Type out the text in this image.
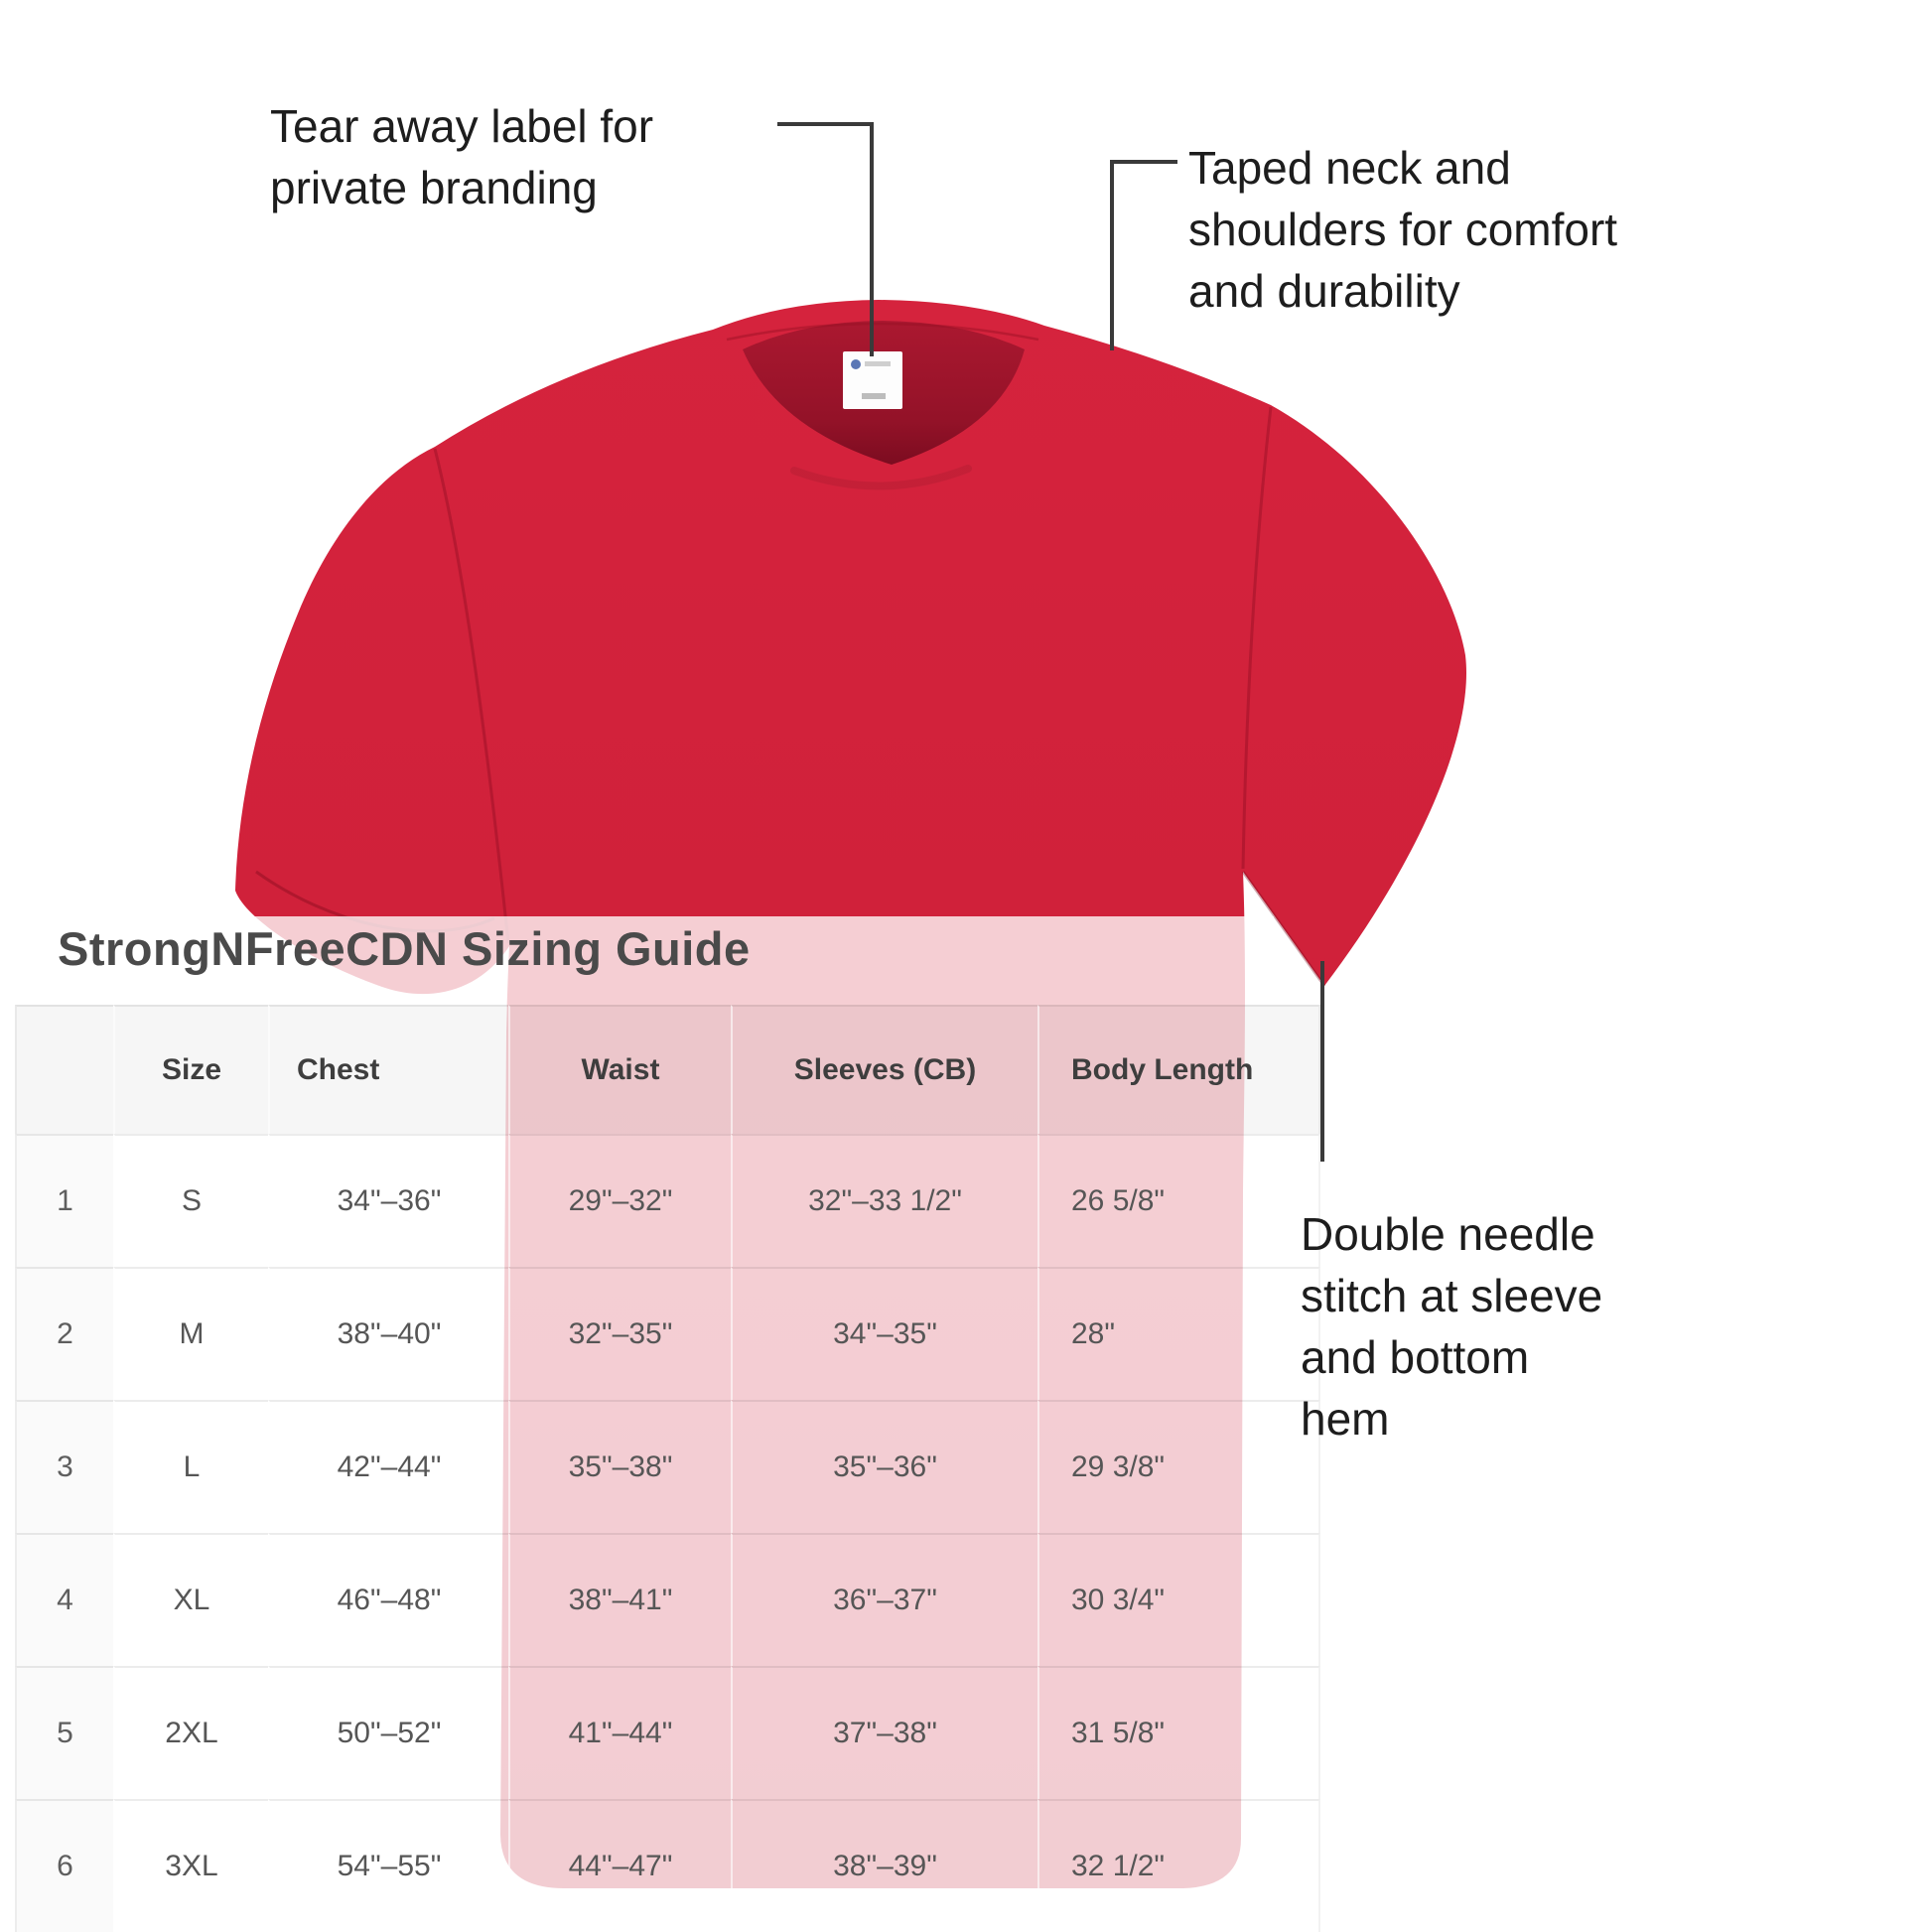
StrongNFreeCDN Sizing Guide
	Size	Chest	Waist	Sleeves (CB)	Body Length
1	S	34"–36"	29"–32"	32"–33 1/2"	26 5/8"
2	M	38"–40"	32"–35"	34"–35"	28"
3	L	42"–44"	35"–38"	35"–36"	29 3/8"
4	XL	46"–48"	38"–41"	36"–37"	30 3/4"
5	2XL	50"–52"	41"–44"	37"–38"	31 5/8"
6	3XL	54"–55"	44"–47"	38"–39"	32 1/2"
Tear away label for
private branding	Taped neck and
shoulders for comfort
and durability
Double needle
stitch at sleeve
and bottom
hem
